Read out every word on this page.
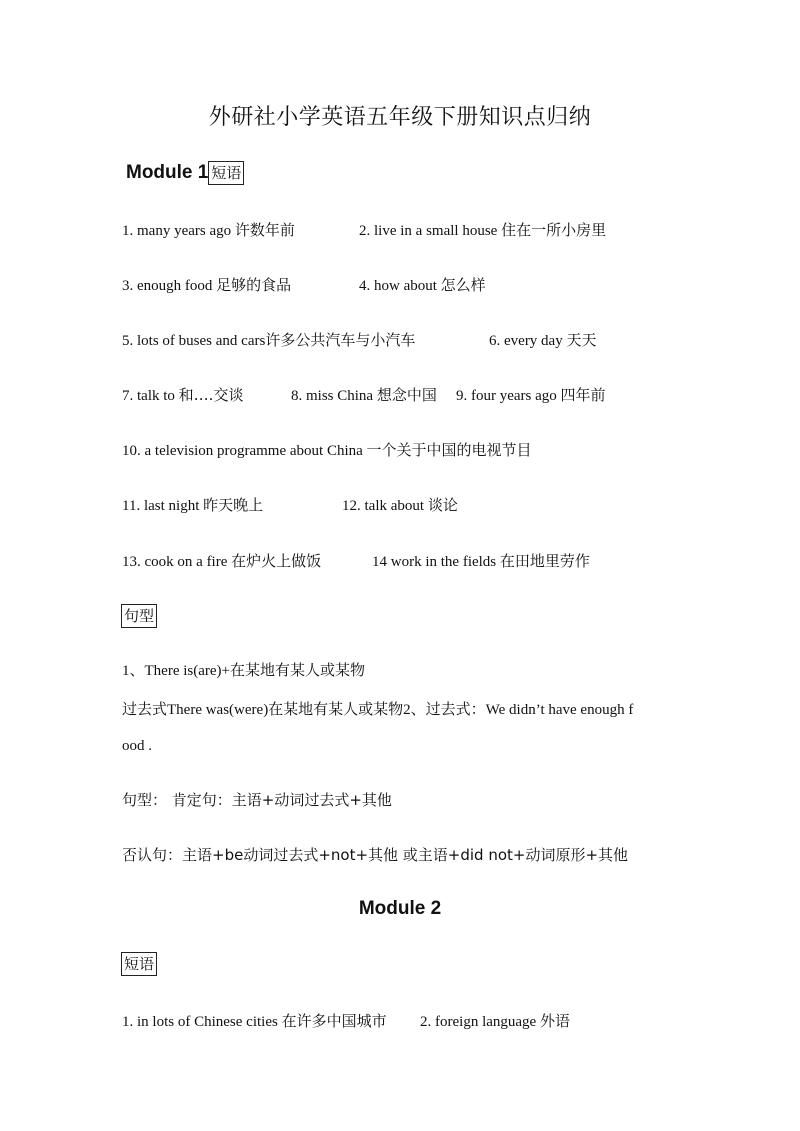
外研社小学英语五年级下册知识点归纳
Module 1 短语
1. many years ago 许数年前	2. live in a small house 住在一所小房里
3. enough food 足够的食品	4. how about 怎么样
5. lots of buses and cars许多公共汽车与小汽车	6. every day 天天
7. talk to 和….交谈	8. miss China 想念中国 9. four years ago 四年前
10. a television programme about China 一个关于中国的电视节目
11. last night 昨天晚上	12. talk about 谈论
13. cook on a fire 在炉火上做饭	14 work in the fields 在田地里劳作
句型
1、There is(are)+在某地有某人或某物
过去式There was(were)在某地有某人或某物2、过去式：We didn’t have enough f
ood .
句型： 肯定句：主语+动词过去式+其他
否认句：主语+be动词过去式+not+其他 或主语+did not+动词原形+其他
Module 2
短语
1. in lots of Chinese cities 在许多中国城市 2. foreign language 外语
